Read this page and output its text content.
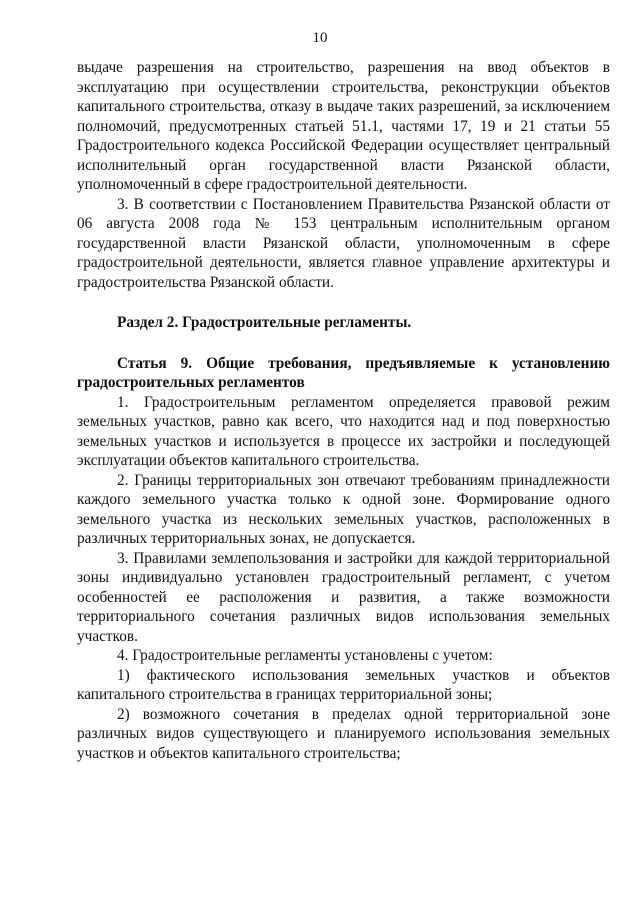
10

выдаче разрешения на строительство, разрешения на ввод объектов в эксплуатацию при осуществлении строительства, реконструкции объектов капитального строительства, отказу в выдаче таких разрешений, за исключением полномочий, предусмотренных статьей 51.1, частями 17, 19 и 21 статьи 55 Градостроительного кодекса Российской Федерации осуществляет центральный исполнительный орган государственной власти Рязанской области, уполномоченный в сфере градостроительной деятельности.

3. В соответствии с Постановлением Правительства Рязанской области от 06 августа 2008 года № 153 центральным исполнительным органом государственной власти Рязанской области, уполномоченным в сфере градостроительной деятельности, является главное управление архитектуры и градостроительства Рязанской области.

Раздел 2. Градостроительные регламенты.

Статья 9. Общие требования, предъявляемые к установлению градостроительных регламентов

1. Градостроительным регламентом определяется правовой режим земельных участков, равно как всего, что находится над и под поверхностью земельных участков и используется в процессе их застройки и последующей эксплуатации объектов капитального строительства.

2. Границы территориальных зон отвечают требованиям принадлежности каждого земельного участка только к одной зоне. Формирование одного земельного участка из нескольких земельных участков, расположенных в различных территориальных зонах, не допускается.

3. Правилами землепользования и застройки для каждой территориальной зоны индивидуально установлен градостроительный регламент, с учетом особенностей ее расположения и развития, а также возможности территориального сочетания различных видов использования земельных участков.

4. Градостроительные регламенты установлены с учетом:

1) фактического использования земельных участков и объектов капитального строительства в границах территориальной зоны;

2) возможного сочетания в пределах одной территориальной зоне различных видов существующего и планируемого использования земельных участков и объектов капитального строительства;
